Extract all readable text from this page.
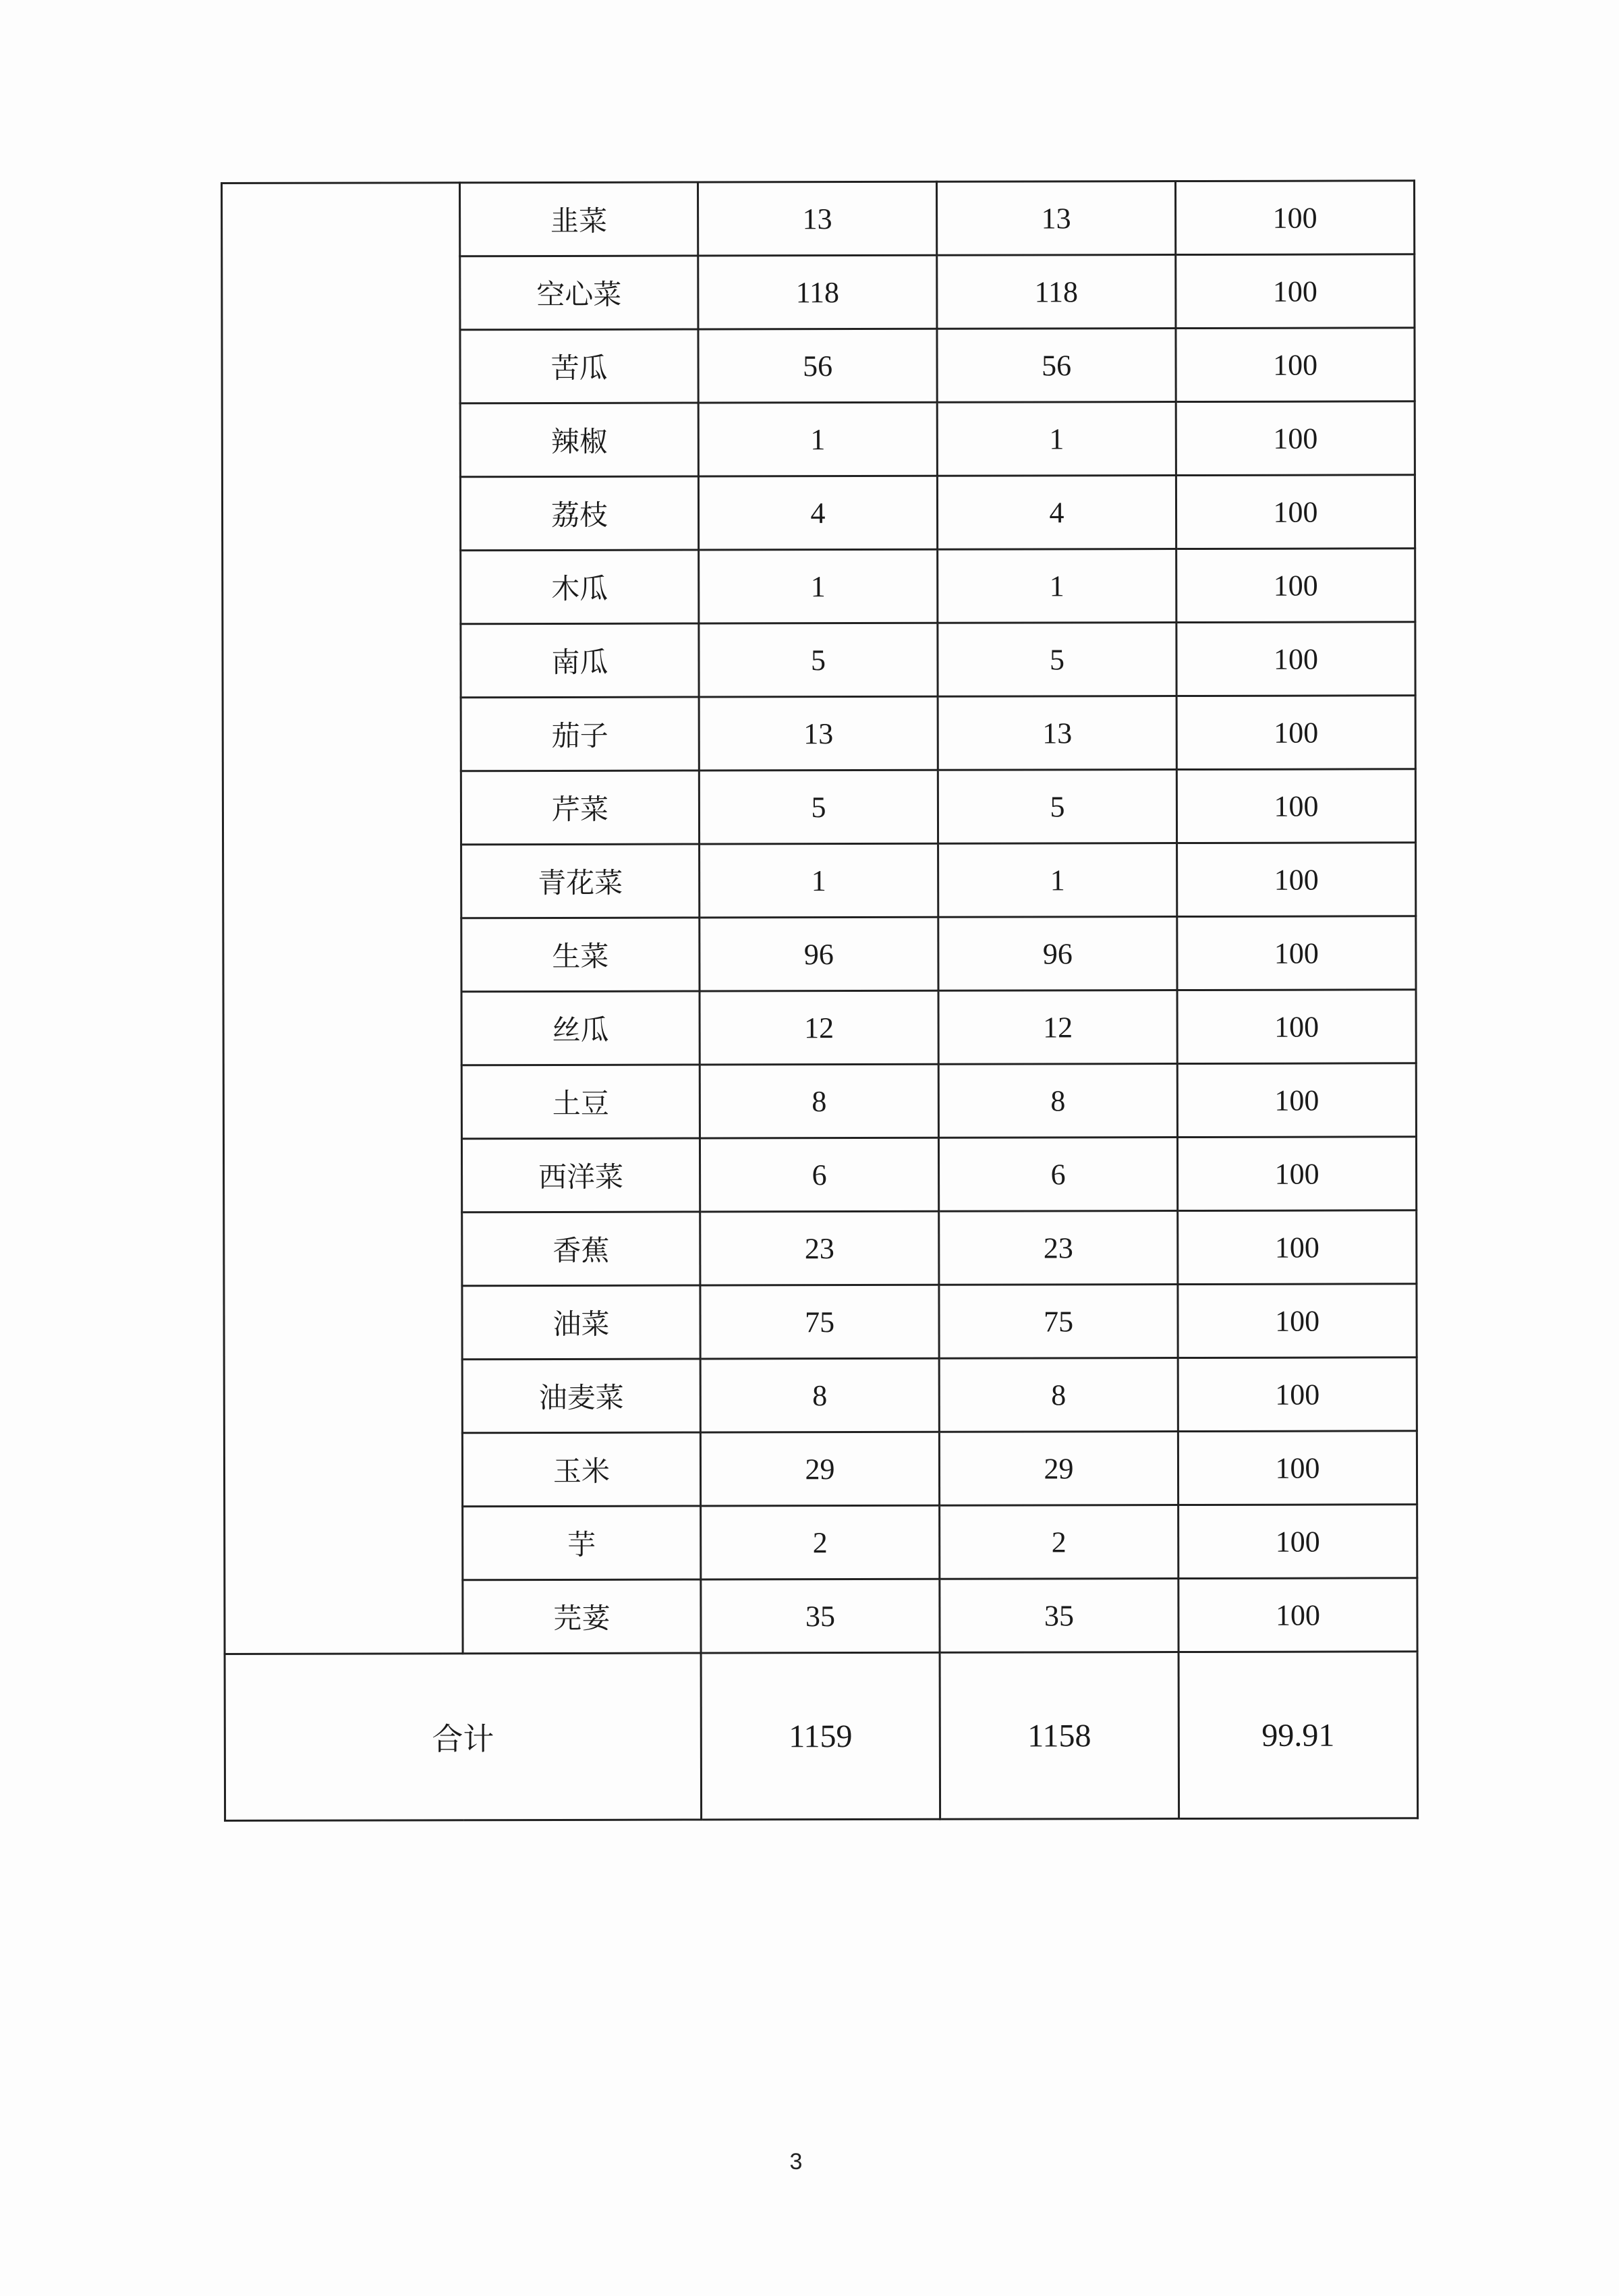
	韭菜	13	13	100
	空心菜	118	118	100
	苦瓜	56	56	100
	辣椒	1	1	100
	荔枝	4	4	100
	木瓜	1	1	100
	南瓜	5	5	100
	茄子	13	13	100
	芹菜	5	5	100
	青花菜	1	1	100
	生菜	96	96	100
	丝瓜	12	12	100
	土豆	8	8	100
	西洋菜	6	6	100
	香蕉	23	23	100
	油菜	75	75	100
	油麦菜	8	8	100
	玉米	29	29	100
	芋	2	2	100
	芫荽	35	35	100
合计		1159	1158	99.91
3
